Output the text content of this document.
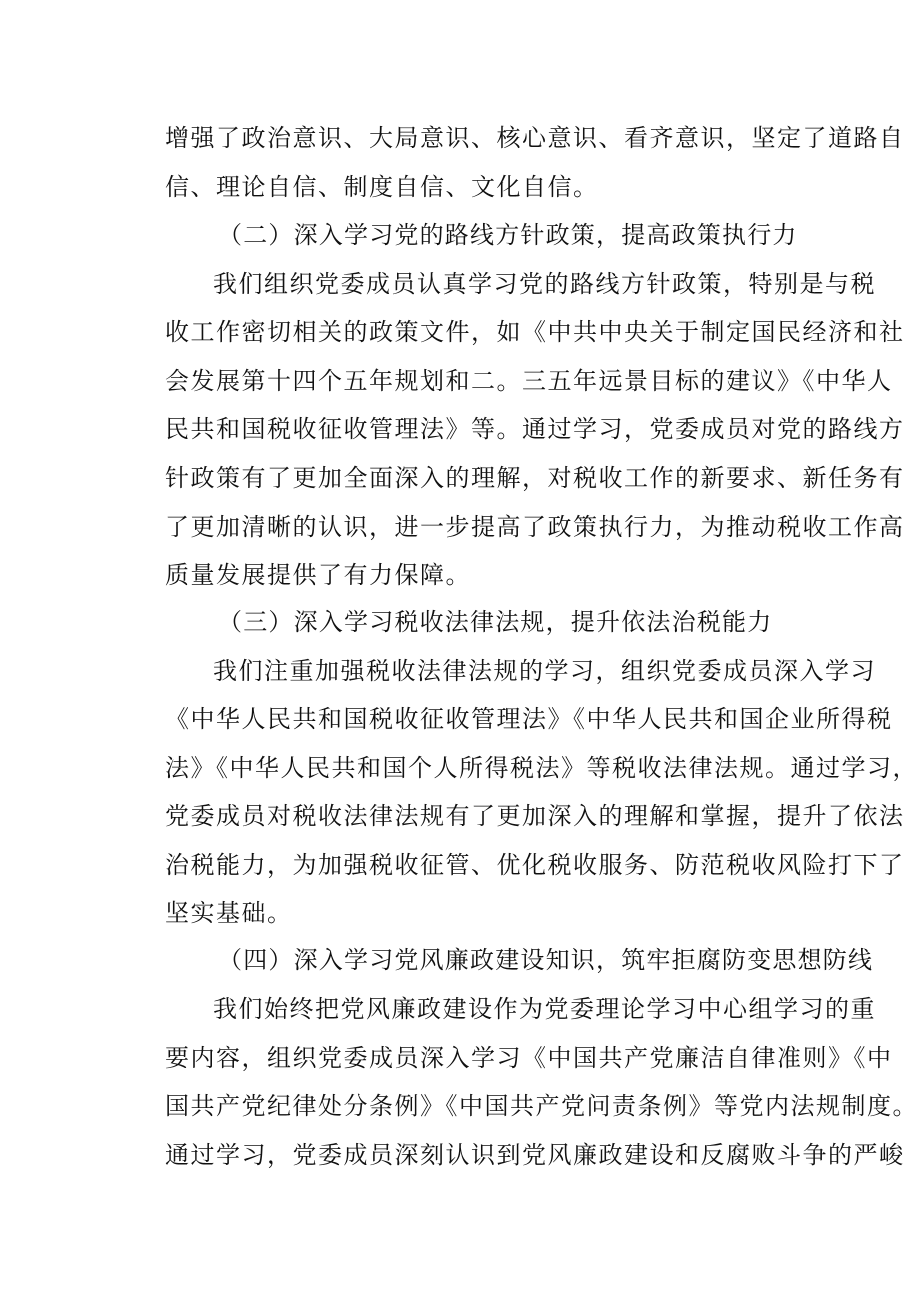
增强了政治意识、大局意识、核心意识、看齐意识，坚定了道路自
信、理论自信、制度自信、文化自信。
（二）深入学习党的路线方针政策，提高政策执行力
我们组织党委成员认真学习党的路线方针政策，特别是与税
收工作密切相关的政策文件，如《中共中央关于制定国民经济和社
会发展第十四个五年规划和二。三五年远景目标的建议》《中华人
民共和国税收征收管理法》等。通过学习，党委成员对党的路线方
针政策有了更加全面深入的理解，对税收工作的新要求、新任务有
了更加清晰的认识，进一步提高了政策执行力，为推动税收工作高
质量发展提供了有力保障。
（三）深入学习税收法律法规，提升依法治税能力
我们注重加强税收法律法规的学习，组织党委成员深入学习
《中华人民共和国税收征收管理法》《中华人民共和国企业所得税
法》《中华人民共和国个人所得税法》等税收法律法规。通过学习，
党委成员对税收法律法规有了更加深入的理解和掌握，提升了依法
治税能力，为加强税收征管、优化税收服务、防范税收风险打下了
坚实基础。
（四）深入学习党风廉政建设知识，筑牢拒腐防变思想防线
我们始终把党风廉政建设作为党委理论学习中心组学习的重
要内容，组织党委成员深入学习《中国共产党廉洁自律准则》《中
国共产党纪律处分条例》《中国共产党问责条例》等党内法规制度。
通过学习，党委成员深刻认识到党风廉政建设和反腐败斗争的严峻
